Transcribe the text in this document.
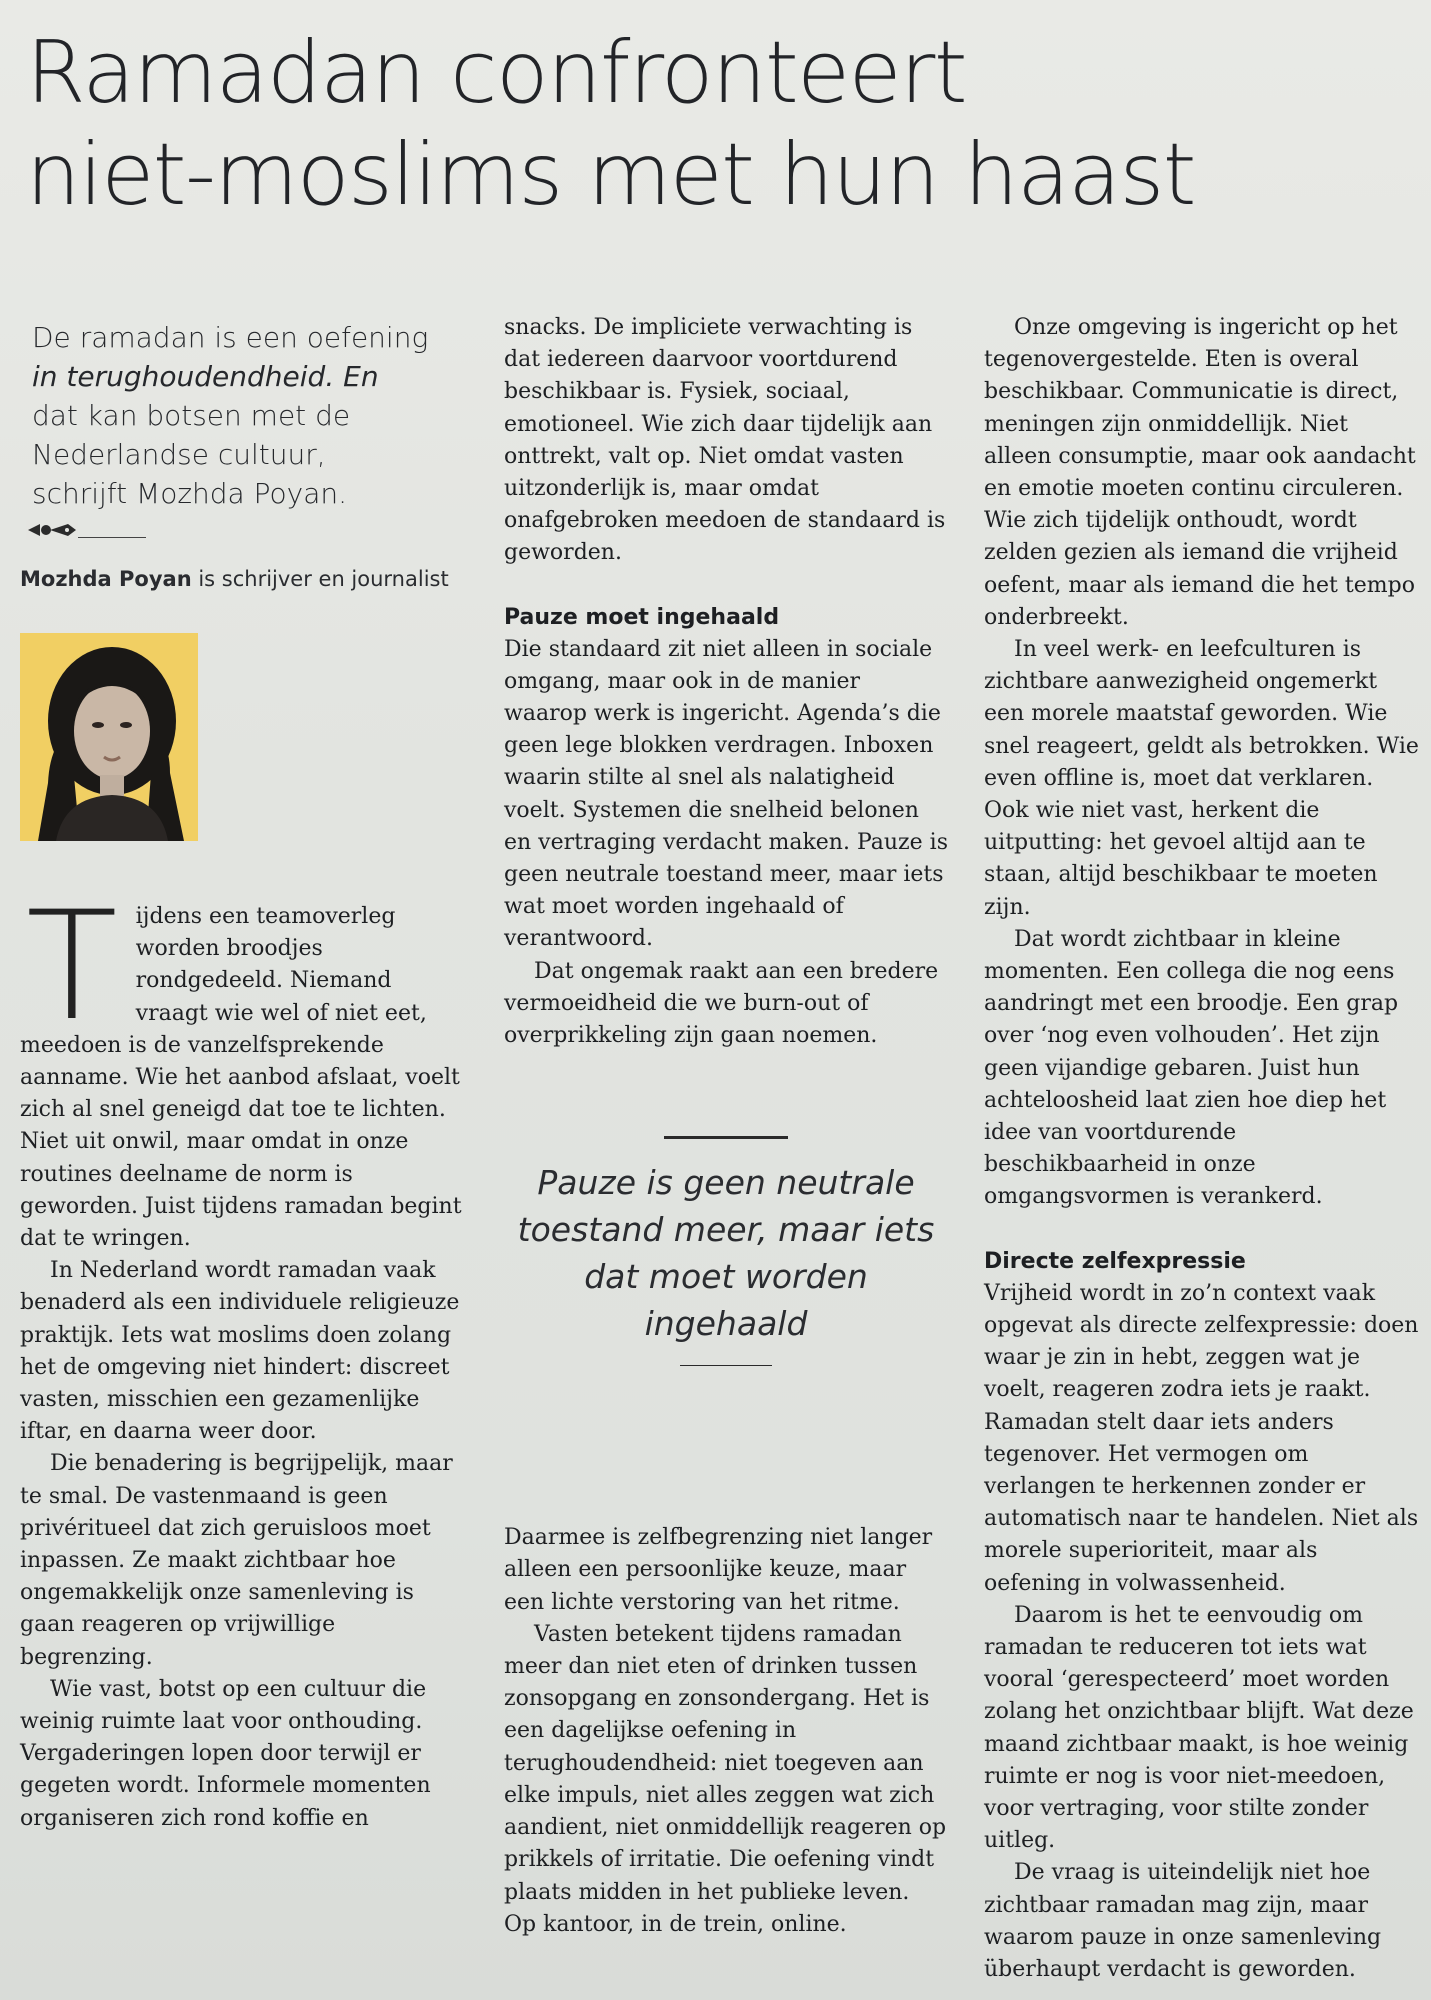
Ramadan confronteert
niet-moslims met hun haast

De ramadan is een oefening
in terughoudendheid. En
dat kan botsen met de
Nederlandse cultuur,
schrijft Mozhda Poyan.

Mozhda Poyan is schrijver en journalist

T ijdens een teamoverleg worden broodjes rondgedeeld. Niemand vraagt wie wel of niet eet, meedoen is de vanzelfsprekende aanname. Wie het aanbod afslaat, voelt zich al snel geneigd dat toe te lichten. Niet uit onwil, maar omdat in onze routines deelname de norm is geworden. Juist tijdens ramadan begint dat te wringen.

In Nederland wordt ramadan vaak benaderd als een individuele religieuze praktijk. Iets wat moslims doen zolang het de omgeving niet hindert: discreet vasten, misschien een gezamenlijke iftar, en daarna weer door.

Die benadering is begrijpelijk, maar te smal. De vastenmaand is geen privéritueel dat zich geruisloos moet inpassen. Ze maakt zichtbaar hoe ongemakkelijk onze samenleving is gaan reageren op vrijwillige begrenzing.

Wie vast, botst op een cultuur die weinig ruimte laat voor onthouding. Vergaderingen lopen door terwijl er gegeten wordt. Informele momenten organiseren zich rond koffie en

snacks. De impliciete verwachting is dat iedereen daarvoor voortdurend beschikbaar is. Fysiek, sociaal, emotioneel. Wie zich daar tijdelijk aan onttrekt, valt op. Niet omdat vasten uitzonderlijk is, maar omdat onafgebroken meedoen de standaard is geworden.

Pauze moet ingehaald

Die standaard zit niet alleen in sociale omgang, maar ook in de manier waarop werk is ingericht. Agenda’s die geen lege blokken verdragen. Inboxen waarin stilte al snel als nalatigheid voelt. Systemen die snelheid belonen en vertraging verdacht maken. Pauze is geen neutrale toestand meer, maar iets wat moet worden ingehaald of verantwoord.

Dat ongemak raakt aan een bredere vermoeidheid die we burn-out of overprikkeling zijn gaan noemen.

Pauze is geen neutrale toestand meer, maar iets dat moet worden ingehaald

Daarmee is zelfbegrenzing niet langer alleen een persoonlijke keuze, maar een lichte verstoring van het ritme.

Vasten betekent tijdens ramadan meer dan niet eten of drinken tussen zonsopgang en zonsondergang. Het is een dagelijkse oefening in terughoudendheid: niet toegeven aan elke impuls, niet alles zeggen wat zich aandient, niet onmiddellijk reageren op prikkels of irritatie. Die oefening vindt plaats midden in het publieke leven. Op kantoor, in de trein, online.

Onze omgeving is ingericht op het tegenovergestelde. Eten is overal beschikbaar. Communicatie is direct, meningen zijn onmiddellijk. Niet alleen consumptie, maar ook aandacht en emotie moeten continu circuleren. Wie zich tijdelijk onthoudt, wordt zelden gezien als iemand die vrijheid oefent, maar als iemand die het tempo onderbreekt.

In veel werk- en leefculturen is zichtbare aanwezigheid ongemerkt een morele maatstaf geworden. Wie snel reageert, geldt als betrokken. Wie even offline is, moet dat verklaren. Ook wie niet vast, herkent die uitputting: het gevoel altijd aan te staan, altijd beschikbaar te moeten zijn.

Dat wordt zichtbaar in kleine momenten. Een collega die nog eens aandringt met een broodje. Een grap over ‘nog even volhouden’. Het zijn geen vijandige gebaren. Juist hun achteloosheid laat zien hoe diep het idee van voortdurende beschikbaarheid in onze omgangsvormen is verankerd.

Directe zelfexpressie

Vrijheid wordt in zo’n context vaak opgevat als directe zelfexpressie: doen waar je zin in hebt, zeggen wat je voelt, reageren zodra iets je raakt. Ramadan stelt daar iets anders tegenover. Het vermogen om verlangen te herkennen zonder er automatisch naar te handelen. Niet als morele superioriteit, maar als oefening in volwassenheid.

Daarom is het te eenvoudig om ramadan te reduceren tot iets wat vooral ‘gerespecteerd’ moet worden zolang het onzichtbaar blijft. Wat deze maand zichtbaar maakt, is hoe weinig ruimte er nog is voor niet-meedoen, voor vertraging, voor stilte zonder uitleg.

De vraag is uiteindelijk niet hoe zichtbaar ramadan mag zijn, maar waarom pauze in onze samenleving überhaupt verdacht is geworden.
